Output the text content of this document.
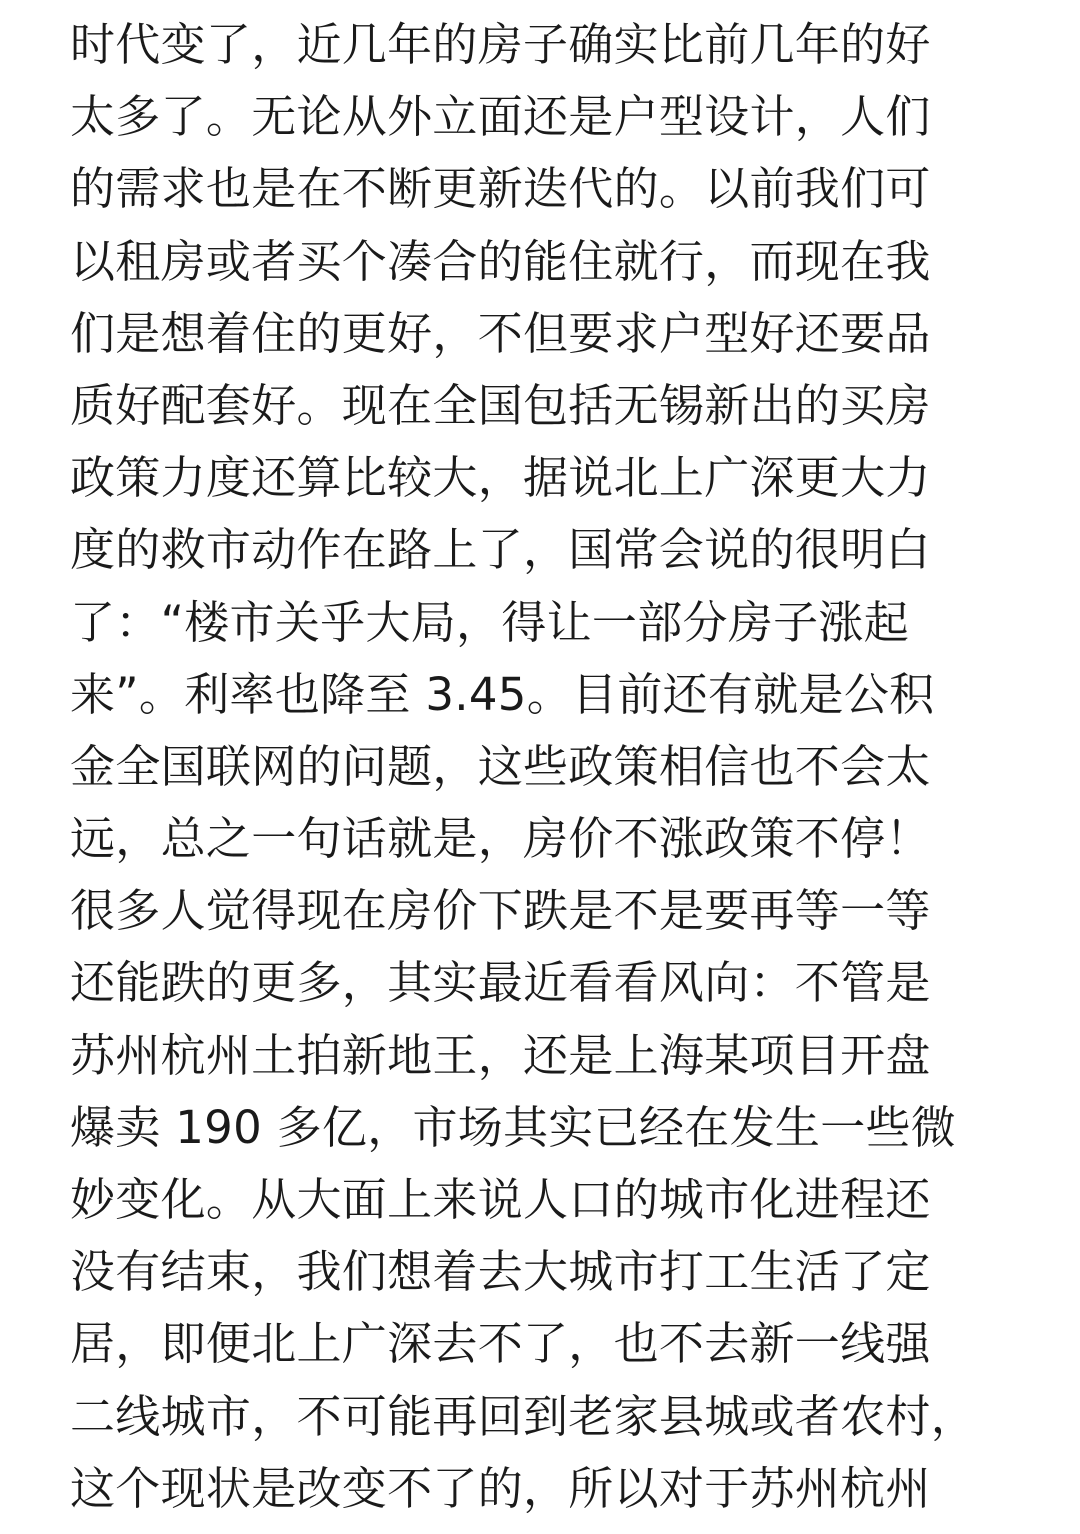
时代变了，近几年的房子确实比前几年的好
太多了。无论从外立面还是户型设计，人们
的需求也是在不断更新迭代的。以前我们可
以租房或者买个凑合的能住就行，而现在我
们是想着住的更好，不但要求户型好还要品
质好配套好。现在全国包括无锡新出的买房
政策力度还算比较大，据说北上广深更大力
度的救市动作在路上了，国常会说的很明白
了：“楼市关乎大局，得让一部分房子涨起
来”。利率也降至 3.45。目前还有就是公积
金全国联网的问题，这些政策相信也不会太
远，总之一句话就是，房价不涨政策不停！
很多人觉得现在房价下跌是不是要再等一等
还能跌的更多，其实最近看看风向：不管是
苏州杭州土拍新地王，还是上海某项目开盘
爆卖 190 多亿，市场其实已经在发生一些微
妙变化。从大面上来说人口的城市化进程还
没有结束，我们想着去大城市打工生活了定
居，即便北上广深去不了，也不去新一线强
二线城市，不可能再回到老家县城或者农村，
这个现状是改变不了的，所以对于苏州杭州
